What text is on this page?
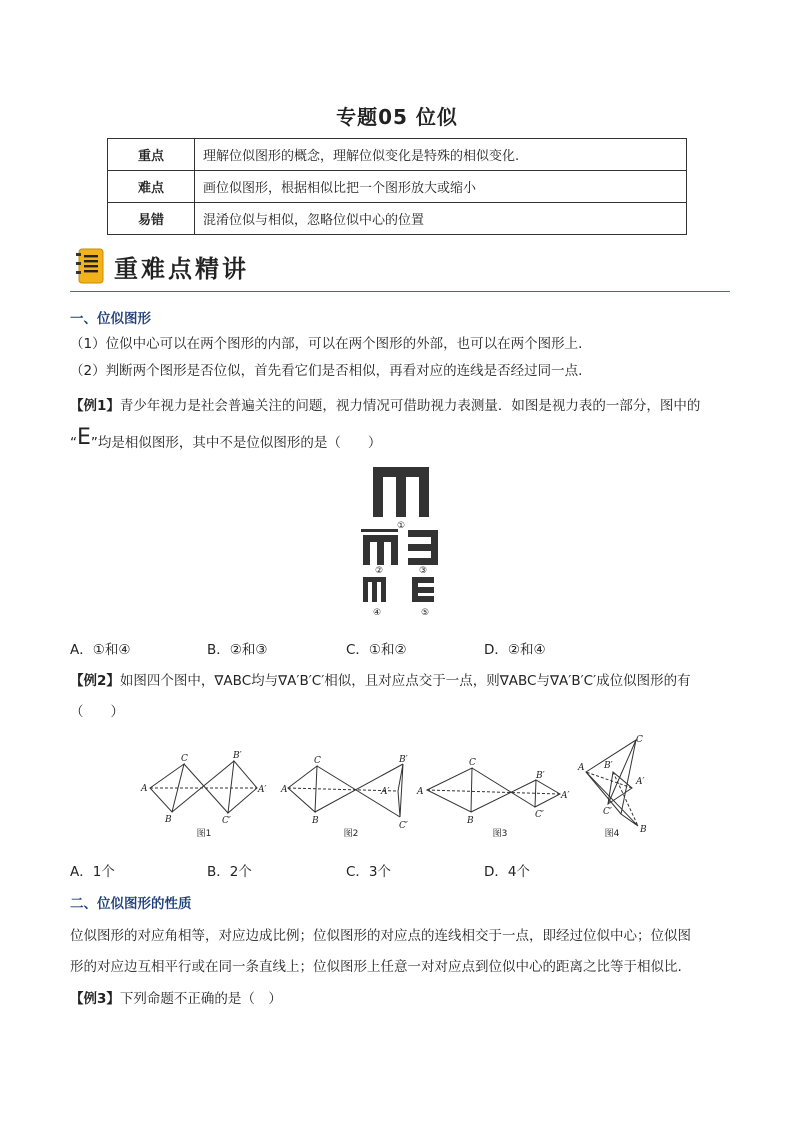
专题05 位似
重点	理解位似图形的概念，理解位似变化是特殊的相似变化.
难点	画位似图形，根据相似比把一个图形放大或缩小
易错	混淆位似与相似，忽略位似中心的位置
重难点精讲
一、位似图形
（1）位似中心可以在两个图形的内部，可以在两个图形的外部，也可以在两个图形上.
（2）判断两个图形是否位似，首先看它们是否相似，再看对应的连线是否经过同一点.
【例1】青少年视力是社会普遍关注的问题，视力情况可借助视力表测量．如图是视力表的一部分，图中的
“E”均是相似图形，其中不是位似图形的是（　　）
①
②	③
④	⑤
A．①和④	B．②和③	C．①和②	D．②和④
【例2】如图四个图中，∇ABC均与∇A′B′C′相似，且对应点交于一点，则∇ABC与∇A′B′C′成位似图形的有
（　　）
A
C
B
B′
A′
C′
A
C
B
B′
A′
C′
A
C
B
B′
A′
C′
C
B′
A′
A
C′
B
图1	图2	图3	图4
A．1个	B．2个	C．3个	D．4个
二、位似图形的性质
位似图形的对应角相等，对应边成比例；位似图形的对应点的连线相交于一点，即经过位似中心；位似图
形的对应边互相平行或在同一条直线上；位似图形上任意一对对应点到位似中心的距离之比等于相似比.
【例3】下列命题不正确的是（　）
